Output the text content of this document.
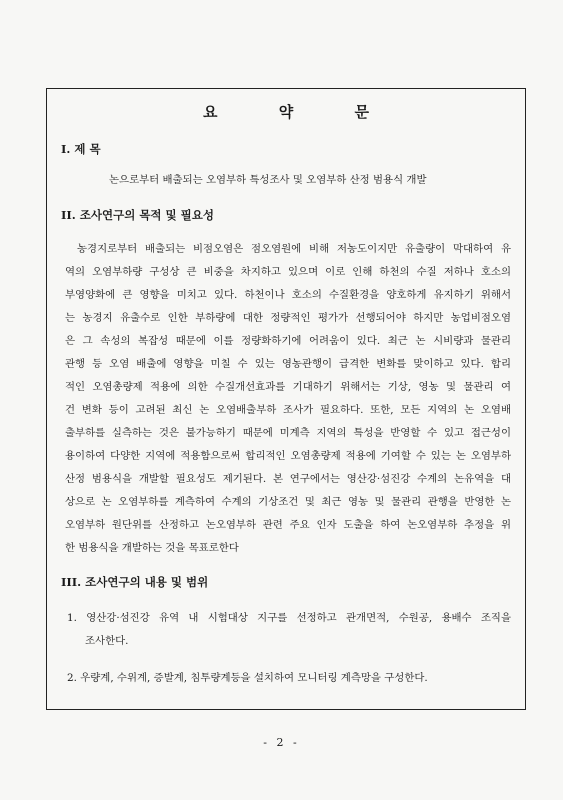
요 약 문
I. 제 목
논으로부터 배출되는 오염부하 특성조사 및 오염부하 산정 범용식 개발
II. 조사연구의 목적 및 필요성
농경지로부터 배출되는 비점오염은 점오염원에 비해 저농도이지만 유출량이 막대하여 유
역의 오염부하량 구성상 큰 비중을 차지하고 있으며 이로 인해 하천의 수질 저하나 호소의
부영양화에 큰 영향을 미치고 있다. 하천이나 호소의 수질환경을 양호하게 유지하기 위해서
는 농경지 유출수로 인한 부하량에 대한 정량적인 평가가 선행되어야 하지만 농업비점오염
은 그 속성의 복잡성 때문에 이를 정량화하기에 어려움이 있다. 최근 논 시비량과 물관리
관행 등 오염 배출에 영향을 미칠 수 있는 영농관행이 급격한 변화를 맞이하고 있다. 합리
적인 오염총량제 적용에 의한 수질개선효과를 기대하기 위해서는 기상, 영농 및 물관리 여
건 변화 등이 고려된 최신 논 오염배출부하 조사가 필요하다. 또한, 모든 지역의 논 오염배
출부하를 실측하는 것은 불가능하기 때문에 미계측 지역의 특성을 반영할 수 있고 접근성이
용이하여 다양한 지역에 적용함으로써 합리적인 오염총량제 적용에 기여할 수 있는 논 오염부하
산정 범용식을 개발할 필요성도 제기된다. 본 연구에서는 영산강·섬진강 수계의 논유역을 대
상으로 논 오염부하를 계측하여 수계의 기상조건 및 최근 영농 및 물관리 관행을 반영한 논
오염부하 원단위를 산정하고 논오염부하 관련 주요 인자 도출을 하여 논오염부하 추정을 위
한 범용식을 개발하는 것을 목표로한다
III. 조사연구의 내용 및 범위
1. 영산강·섬진강 유역 내 시험대상 지구를 선정하고 관개면적, 수원공, 용배수 조직을
조사한다.
2. 우량계, 수위계, 증발계, 침투량계등을 설치하여 모니터링 계측망을 구성한다.
- 2 -
